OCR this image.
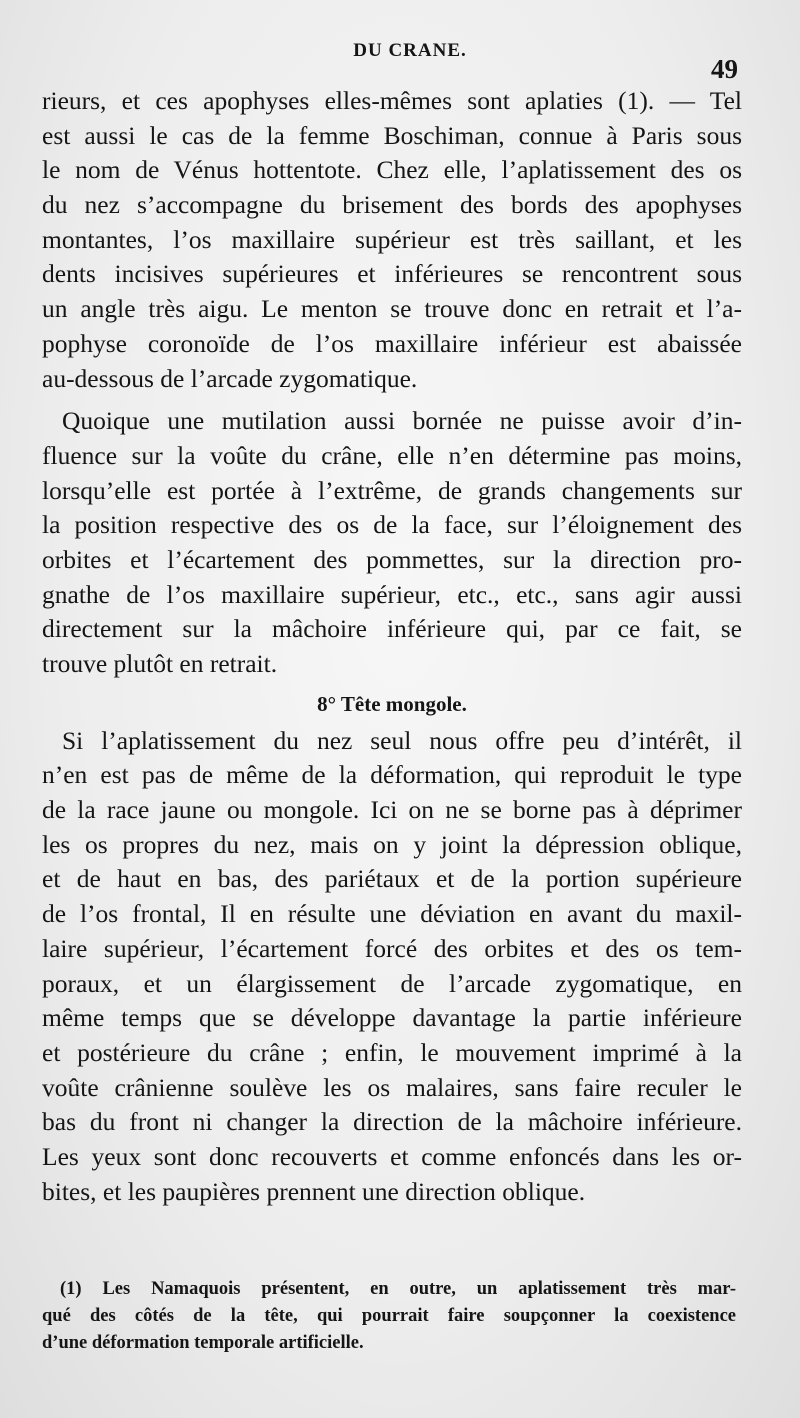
DU CRANE.
49
rieurs, et ces apophyses elles-mêmes sont aplaties (1). — Tel
est aussi le cas de la femme Boschiman, connue à Paris sous
le nom de Vénus hottentote. Chez elle, l’aplatissement des os
du nez s’accompagne du brisement des bords des apophyses
montantes, l’os maxillaire supérieur est très saillant, et les
dents incisives supérieures et inférieures se rencontrent sous
un angle très aigu. Le menton se trouve donc en retrait et l’a-
pophyse coronoïde de l’os maxillaire inférieur est abaissée
au-dessous de l’arcade zygomatique.
Quoique une mutilation aussi bornée ne puisse avoir d’in-
fluence sur la voûte du crâne, elle n’en détermine pas moins,
lorsqu’elle est portée à l’extrême, de grands changements sur
la position respective des os de la face, sur l’éloignement des
orbites et l’écartement des pommettes, sur la direction pro-
gnathe de l’os maxillaire supérieur, etc., etc., sans agir aussi
directement sur la mâchoire inférieure qui, par ce fait, se
trouve plutôt en retrait.
8° Tête mongole.
Si l’aplatissement du nez seul nous offre peu d’intérêt, il
n’en est pas de même de la déformation, qui reproduit le type
de la race jaune ou mongole. Ici on ne se borne pas à déprimer
les os propres du nez, mais on y joint la dépression oblique,
et de haut en bas, des pariétaux et de la portion supérieure
de l’os frontal, Il en résulte une déviation en avant du maxil-
laire supérieur, l’écartement forcé des orbites et des os tem-
poraux, et un élargissement de l’arcade zygomatique, en
même temps que se développe davantage la partie inférieure
et postérieure du crâne ; enfin, le mouvement imprimé à la
voûte crânienne soulève les os malaires, sans faire reculer le
bas du front ni changer la direction de la mâchoire inférieure.
Les yeux sont donc recouverts et comme enfoncés dans les or-
bites, et les paupières prennent une direction oblique.
(1) Les Namaquois présentent, en outre, un aplatissement très mar-
qué des côtés de la tête, qui pourrait faire soupçonner la coexistence
d’une déformation temporale artificielle.
